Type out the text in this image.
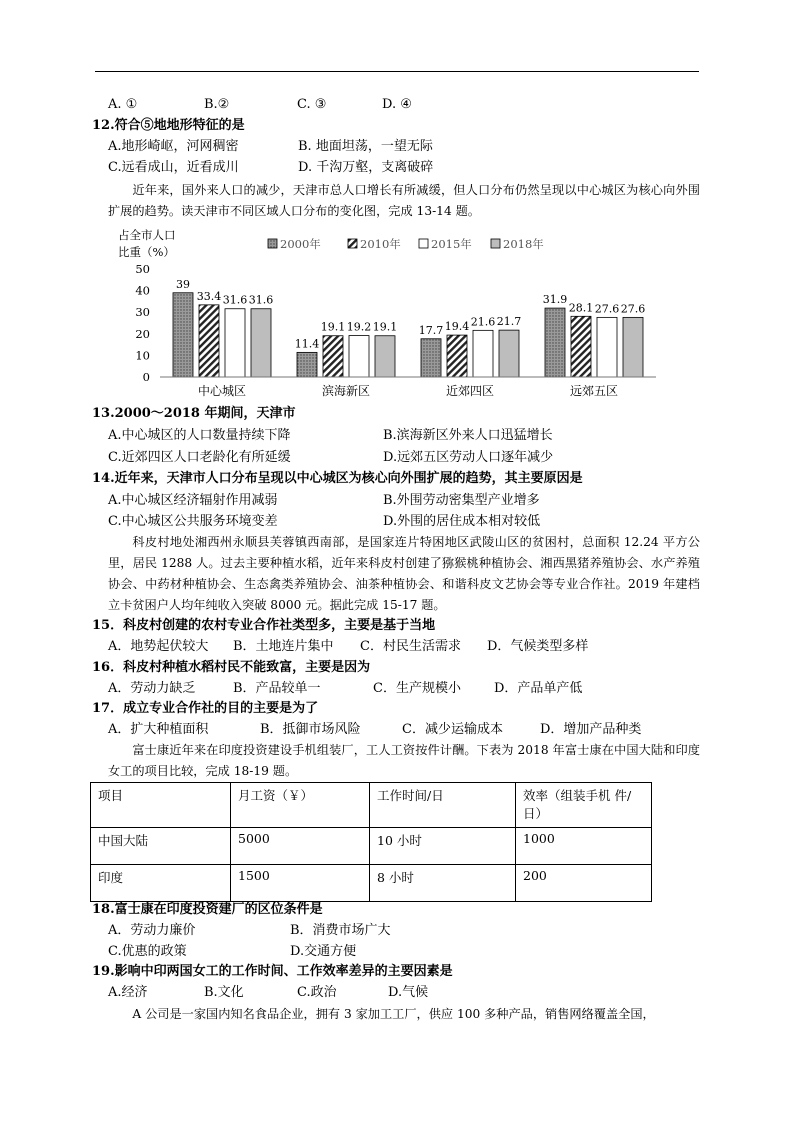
A. ①	B.②	C. ③	D. ④
12.符合⑤地地形特征的是
A.地形崎岖，河网稠密	B. 地面坦荡，一望无际
C.远看成山，近看成川	D. 千沟万壑，支离破碎
近年来，国外来人口的减少，天津市总人口增长有所减缓，但人口分布仍然呈现以中心城区为核心向外围扩展的趋势。读天津市不同区域人口分布的变化图，完成 13-14 题。
占全市人口
比重（%）
2000年	2010年	2015年	2018年
0
10
20
30
40
50
39
33.4 31.6 31.6
11.4
19.1 19.2 19.1 17.7 19.4 21.6 21.7
31.9
28.1 27.6 27.6
中心城区	滨海新区	近郊四区	远郊五区
13.2000～2018 年期间，天津市
A.中心城区的人口数量持续下降	B.滨海新区外来人口迅猛增长
C.近郊四区人口老龄化有所延缓	D.远郊五区劳动人口逐年减少
14.近年来，天津市人口分布呈现以中心城区为核心向外围扩展的趋势，其主要原因是
A.中心城区经济辐射作用减弱	B.外围劳动密集型产业增多
C.中心城区公共服务环境变差	D.外围的居住成本相对较低
科皮村地处湘西州永顺县芙蓉镇西南部，是国家连片特困地区武陵山区的贫困村，总面积 12.24 平方公里，居民 1288 人。过去主要种植水稻，近年来科皮村创建了猕猴桃种植协会、湘西黑猪养殖协会、水产养殖协会、中药材种植协会、生态禽类养殖协会、油茶种植协会、和谐科皮文艺协会等专业合作社。2019 年建档立卡贫困户人均年纯收入突破 8000 元。据此完成 15-17 题。
15．科皮村创建的农村专业合作社类型多，主要是基于当地
A．地势起伏较大 B．土地连片集中 C．村民生活需求 D．气候类型多样
16．科皮村种植水稻村民不能致富，主要是因为
A．劳动力缺乏	B．产品较单一	C．生产规模小	D．产品单产低
17．成立专业合作社的目的主要是为了
A．扩大种植面积	B．抵御市场风险	C．减少运输成本	D．增加产品种类
富士康近年来在印度投资建设手机组装厂，工人工资按件计酬。下表为 2018 年富士康在中国大陆和印度女工的项目比较，完成 18-19 题。
项目	月工资（￥）	工作时间/日	效率（组装手机 件/日）
中国大陆	5000	10 小时	1000
印度	1500	8 小时	200
18.富士康在印度投资建厂的区位条件是
A．劳动力廉价	B．消费市场广大
C.优惠的政策	D.交通方便
19.影响中印两国女工的工作时间、工作效率差异的主要因素是
A.经济	B.文化	C.政治	D.气候
A 公司是一家国内知名食品企业，拥有 3 家加工工厂，供应 100 多种产品，销售网络覆盖全国，
